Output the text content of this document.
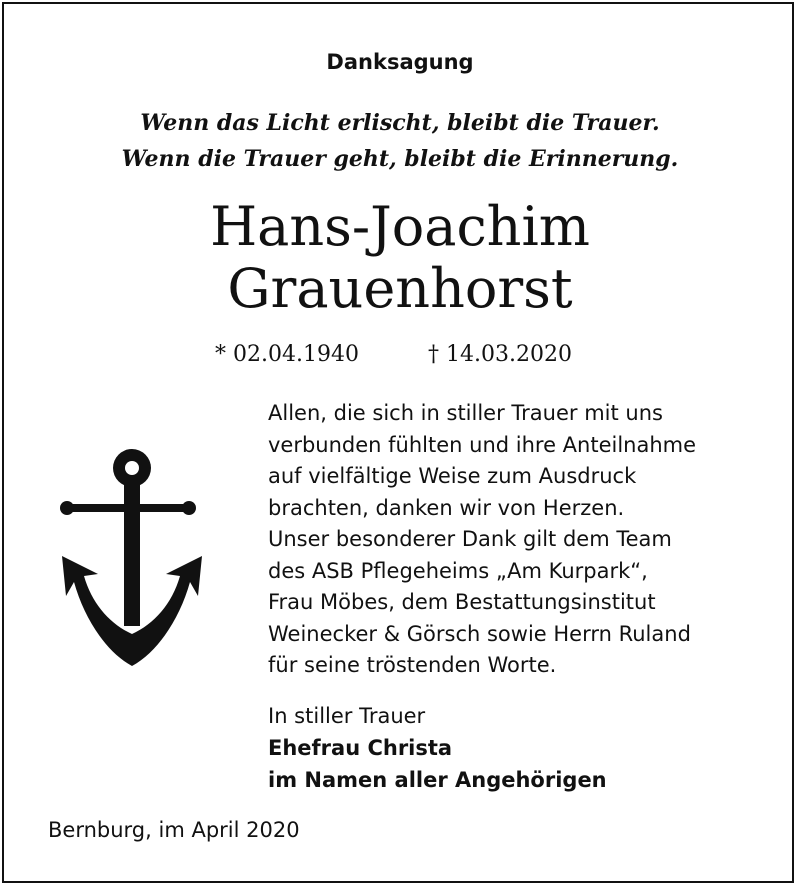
Danksagung
Wenn das Licht erlischt, bleibt die Trauer.
Wenn die Trauer geht, bleibt die Erinnerung.
Hans-Joachim
Grauenhorst
* 02.04.1940	† 14.03.2020
Allen, die sich in stiller Trauer mit uns
verbunden fühlten und ihre Anteilnahme
auf vielfältige Weise zum Ausdruck
brachten, danken wir von Herzen.
Unser besonderer Dank gilt dem Team
des ASB Pflegeheims „Am Kurpark“,
Frau Möbes, dem Bestattungsinstitut
Weinecker & Görsch sowie Herrn Ruland
für seine tröstenden Worte.
In stiller Trauer
Ehefrau Christa
im Namen aller Angehörigen
Bernburg, im April 2020
